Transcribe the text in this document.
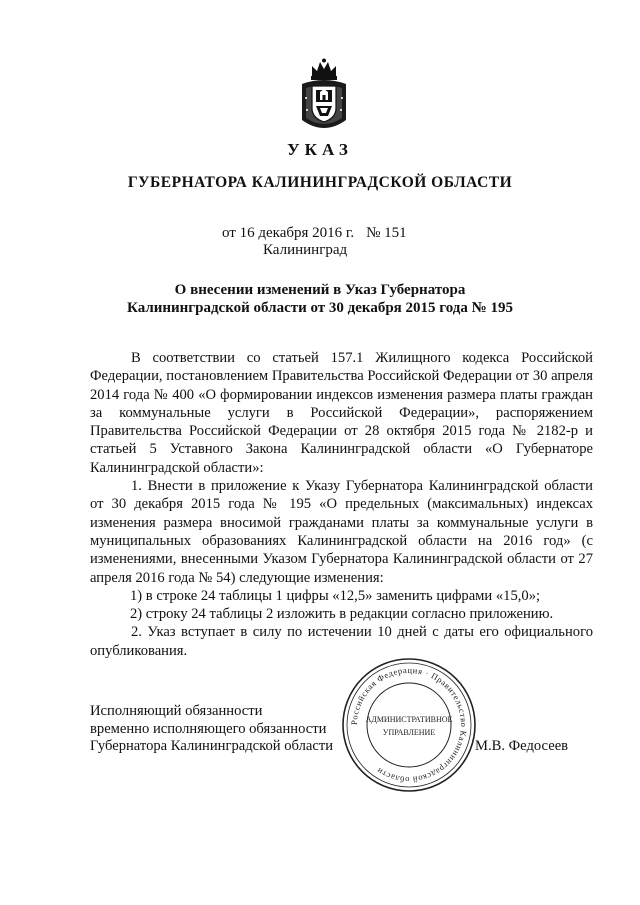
УКАЗ
ГУБЕРНАТОРА КАЛИНИНГРАДСКОЙ ОБЛАСТИ
от 16 декабря 2016 г. № 151
Калининград
О внесении изменений в Указ Губернатора
Калининградской области от 30 декабря 2015 года № 195

В соответствии со статьей 157.1 Жилищного кодекса Российской Федерации, постановлением Правительства Российской Федерации от 30 апреля 2014 года № 400 «О формировании индексов изменения размера платы граждан за коммунальные услуги в Российской Федерации», распоряжением Правительства Российской Федерации от 28 октября 2015 года № 2182-р и статьей 5 Уставного Закона Калининградской области «О Губернаторе Калининградской области»:

1. Внести в приложение к Указу Губернатора Калининградской области от 30 декабря 2015 года № 195 «О предельных (максимальных) индексах изменения размера вносимой гражданами платы за коммунальные услуги в муниципальных образованиях Калининградской области на 2016 год» (с изменениями, внесенными Указом Губернатора Калининградской области от 27 апреля 2016 года № 54) следующие изменения:

1) в строке 24 таблицы 1 цифры «12,5» заменить цифрами «15,0»;

2) строку 24 таблицы 2 изложить в редакции согласно приложению.

2. Указ вступает в силу по истечении 10 дней с даты его официального опубликования.

Российская Федерация · Правительство Калининградской области
АДМИНИСТРАТИВНОЕ
УПРАВЛЕНИЕ
Исполняющий обязанности
временно исполняющего обязанности
Губернатора Калининградской области	М.В. Федосеев
